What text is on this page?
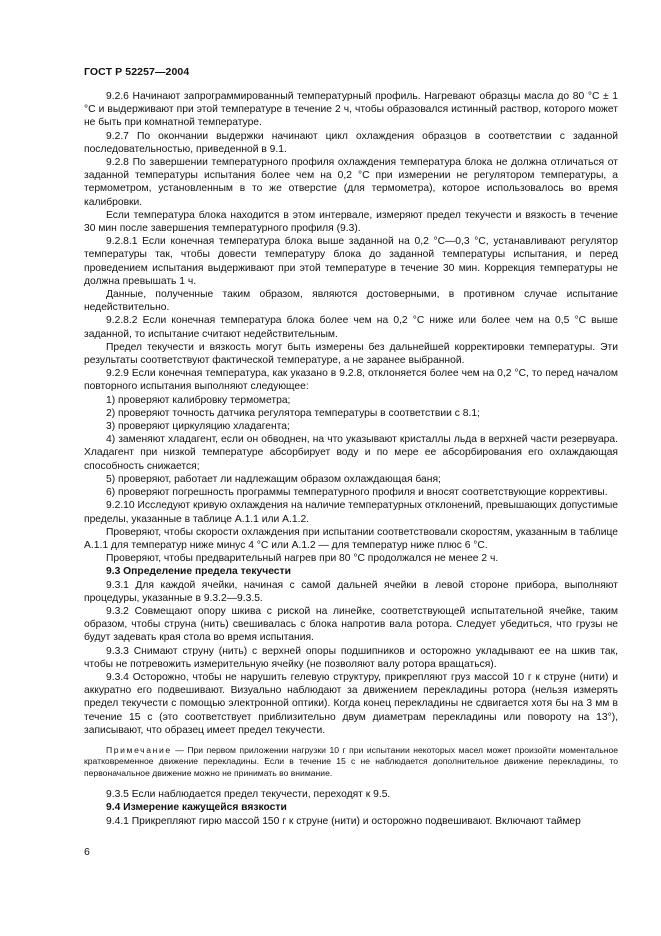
ГОСТ Р 52257—2004

9.2.6 Начинают запрограммированный температурный профиль. Нагревают образцы масла до 80 °С ± 1 °С и выдерживают при этой температуре в течение 2 ч, чтобы образовался истинный раствор, которого может не быть при комнатной температуре.

9.2.7 По окончании выдержки начинают цикл охлаждения образцов в соответствии с заданной последовательностью, приведенной в 9.1.

9.2.8 По завершении температурного профиля охлаждения температура блока не должна отличаться от заданной температуры испытания более чем на 0,2 °С при измерении не регулятором температуры, а термометром, установленным в то же отверстие (для термометра), которое использовалось во время калибровки.

Если температура блока находится в этом интервале, измеряют предел текучести и вязкость в течение 30 мин после завершения температурного профиля (9.3).

9.2.8.1 Если конечная температура блока выше заданной на 0,2 °С—0,3 °С, устанавливают регулятор температуры так, чтобы довести температуру блока до заданной температуры испытания, и перед проведением испытания выдерживают при этой температуре в течение 30 мин. Коррекция температуры не должна превышать 1 ч.

Данные, полученные таким образом, являются достоверными, в противном случае испытание недействительно.

9.2.8.2 Если конечная температура блока более чем на 0,2 °С ниже или более чем на 0,5 °С выше заданной, то испытание считают недействительным.

Предел текучести и вязкость могут быть измерены без дальнейшей корректировки температуры. Эти результаты соответствуют фактической температуре, а не заранее выбранной.

9.2.9 Если конечная температура, как указано в 9.2.8, отклоняется более чем на 0,2 °С, то перед началом повторного испытания выполняют следующее:

1) проверяют калибровку термометра;

2) проверяют точность датчика регулятора температуры в соответствии с 8.1;

3) проверяют циркуляцию хладагента;

4) заменяют хладагент, если он обводнен, на что указывают кристаллы льда в верхней части резервуара. Хладагент при низкой температуре абсорбирует воду и по мере ее абсорбирования его охлаждающая способность снижается;

5) проверяют, работает ли надлежащим образом охлаждающая баня;

6) проверяют погрешность программы температурного профиля и вносят соответствующие коррективы.

9.2.10 Исследуют кривую охлаждения на наличие температурных отклонений, превышающих допустимые пределы, указанные в таблице А.1.1 или А.1.2.

Проверяют, чтобы скорости охлаждения при испытании соответствовали скоростям, указанным в таблице А.1.1 для температур ниже минус 4 °С или А.1.2 — для температур ниже плюс 6 °С.

Проверяют, чтобы предварительный нагрев при 80 °С продолжался не менее 2 ч.

9.3 Определение предела текучести

9.3.1 Для каждой ячейки, начиная с самой дальней ячейки в левой стороне прибора, выполняют процедуры, указанные в 9.3.2—9.3.5.

9.3.2 Совмещают опору шкива с риской на линейке, соответствующей испытательной ячейке, таким образом, чтобы струна (нить) свешивалась с блока напротив вала ротора. Следует убедиться, что грузы не будут задевать края стола во время испытания.

9.3.3 Снимают струну (нить) с верхней опоры подшипников и осторожно укладывают ее на шкив так, чтобы не потревожить измерительную ячейку (не позволяют валу ротора вращаться).

9.3.4 Осторожно, чтобы не нарушить гелевую структуру, прикрепляют груз массой 10 г к струне (нити) и аккуратно его подвешивают. Визуально наблюдают за движением перекладины ротора (нельзя измерять предел текучести с помощью электронной оптики). Когда конец перекладины не сдвигается хотя бы на 3 мм в течение 15 с (это соответствует приблизительно двум диаметрам перекладины или повороту на 13°), записывают, что образец имеет предел текучести.

Примечание — При первом приложении нагрузки 10 г при испытании некоторых масел может произойти моментальное кратковременное движение перекладины. Если в течение 15 с не наблюдается дополнительное движение перекладины, то первоначальное движение можно не принимать во внимание.

9.3.5 Если наблюдается предел текучести, переходят к 9.5.

9.4 Измерение кажущейся вязкости

9.4.1 Прикрепляют гирю массой 150 г к струне (нити) и осторожно подвешивают. Включают таймер

6
